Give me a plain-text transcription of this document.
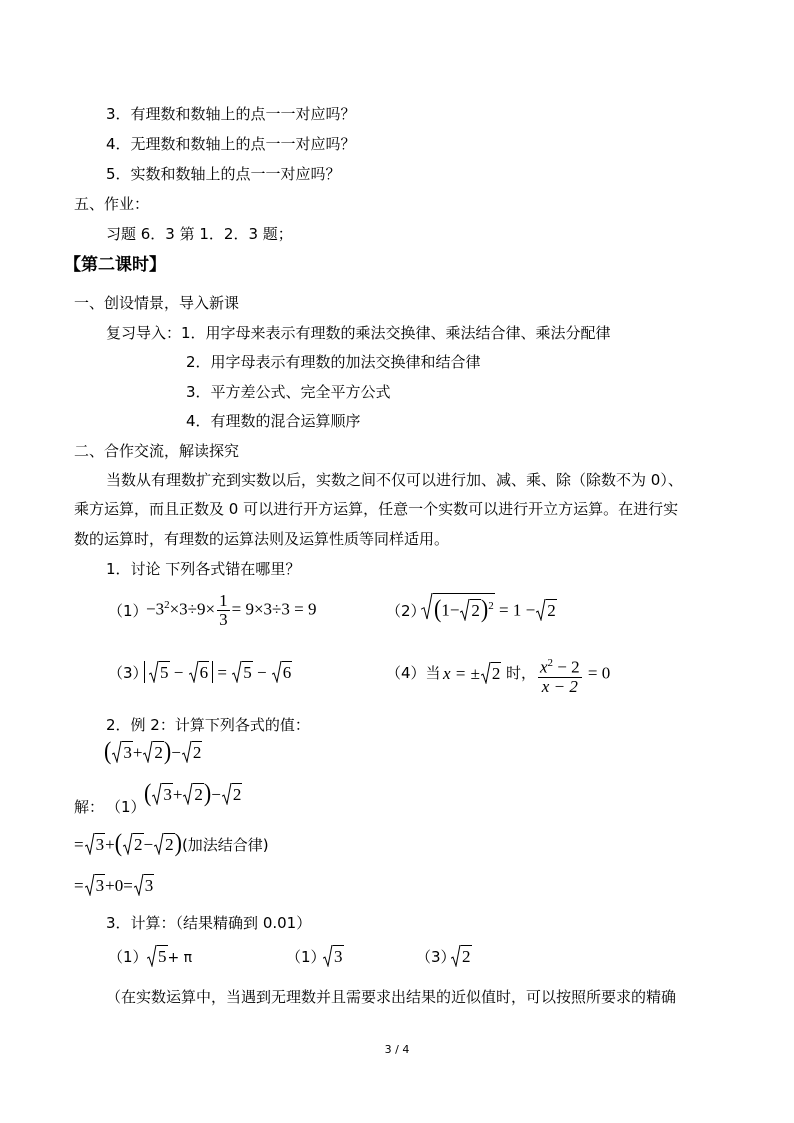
3．有理数和数轴上的点一一对应吗？
4．无理数和数轴上的点一一对应吗？
5．实数和数轴上的点一一对应吗？
五、作业：
习题 6．3 第 1．2．3 题；
【第二课时】
一、创设情景，导入新课
复习导入：1．用字母来表示有理数的乘法交换律、乘法结合律、乘法分配律
2．用字母表示有理数的加法交换律和结合律
3．平方差公式、完全平方公式
4．有理数的混合运算顺序
二、合作交流，解读探究
当数从有理数扩充到实数以后，实数之间不仅可以进行加、减、乘、除（除数不为 0）、
乘方运算，而且正数及 0 可以进行开方运算，任意一个实数可以进行开立方运算。在进行实
数的运算时，有理数的运算法则及运算性质等同样适用。
1．讨论 下列各式错在哪里？
（1）
$-3^2\times 3\div 9\times \frac{1}{3} = 9\times 3\div 3 = 9$	（2） $(1- 2)^2 = 1 - 2$
（3） 5 − 6 = 5 − 6	（4）当 x = ± 2 时， $\frac{x^2 - 2}{x - 2} = 0$
2．例 2：计算下列各式的值：
( 3+ 2)− 2
解： （1）
( 3+ 2)− 2
= 3+( 2− 2)(加法结合律)
= 3+0= 3
3．计算：（结果精确到 0.01）
（1） 5+ π	（1） 3	（3） 2
（在实数运算中，当遇到无理数并且需要求出结果的近似值时，可以按照所要求的精确
3 / 4
